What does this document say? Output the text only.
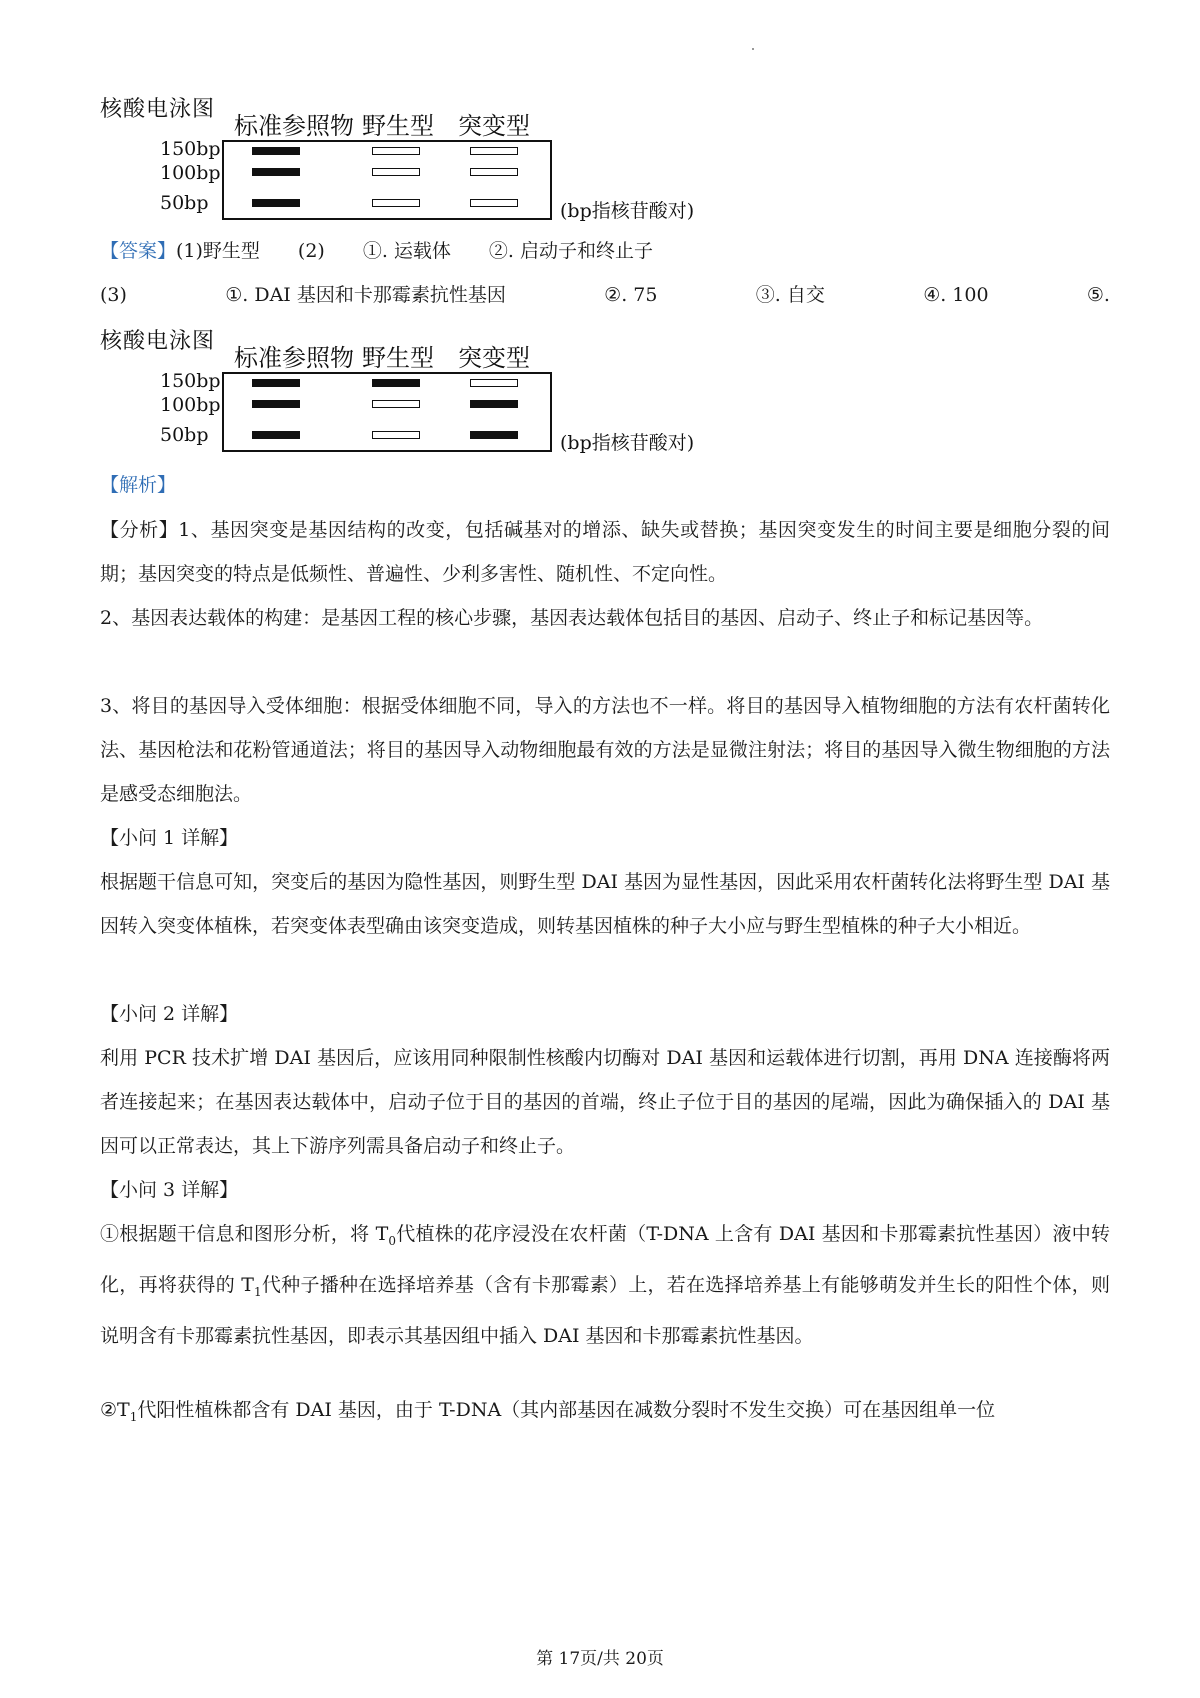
核酸电泳图
标准参照物 野生型 突变型
150bp
100bp
50bp	(bp指核苷酸对)
【答案】(1)野生型　　(2)　　①. 运载体　　②. 启动子和终止子
(3)	①. DAI 基因和卡那霉素抗性基因	②. 75	③. 自交	④. 100	⑤.
核酸电泳图
标准参照物 野生型 突变型
150bp
100bp
50bp	(bp指核苷酸对)
【解析】
【分析】1、基因突变是基因结构的改变，包括碱基对的增添、缺失或替换；基因突变发生的时间主要是细胞分裂的间期；基因突变的特点是低频性、普遍性、少利多害性、随机性、不定向性。
2、基因表达载体的构建：是基因工程的核心步骤，基因表达载体包括目的基因、启动子、终止子和标记基因等。
3、将目的基因导入受体细胞：根据受体细胞不同，导入的方法也不一样。将目的基因导入植物细胞的方法有农杆菌转化法、基因枪法和花粉管通道法；将目的基因导入动物细胞最有效的方法是显微注射法；将目的基因导入微生物细胞的方法是感受态细胞法。
【小问 1 详解】
根据题干信息可知，突变后的基因为隐性基因，则野生型 DAI 基因为显性基因，因此采用农杆菌转化法将野生型 DAI 基因转入突变体植株，若突变体表型确由该突变造成，则转基因植株的种子大小应与野生型植株的种子大小相近。
【小问 2 详解】
利用 PCR 技术扩增 DAI 基因后，应该用同种限制性核酸内切酶对 DAI 基因和运载体进行切割，再用 DNA 连接酶将两者连接起来；在基因表达载体中，启动子位于目的基因的首端，终止子位于目的基因的尾端，因此为确保插入的 DAI 基因可以正常表达，其上下游序列需具备启动子和终止子。
【小问 3 详解】
①根据题干信息和图形分析，将 $T_0$代植株的花序浸没在农杆菌（T-DNA 上含有 DAI 基因和卡那霉素抗性基因）液中转化，再将获得的 $T_1$代种子播种在选择培养基（含有卡那霉素）上，若在选择培养基上有能够萌发并生长的阳性个体，则说明含有卡那霉素抗性基因，即表示其基因组中插入 DAI 基因和卡那霉素抗性基因。
$②T_1$代阳性植株都含有 DAI 基因，由于 T-DNA（其内部基因在减数分裂时不发生交换）可在基因组单一位
第 17页/共 20页
